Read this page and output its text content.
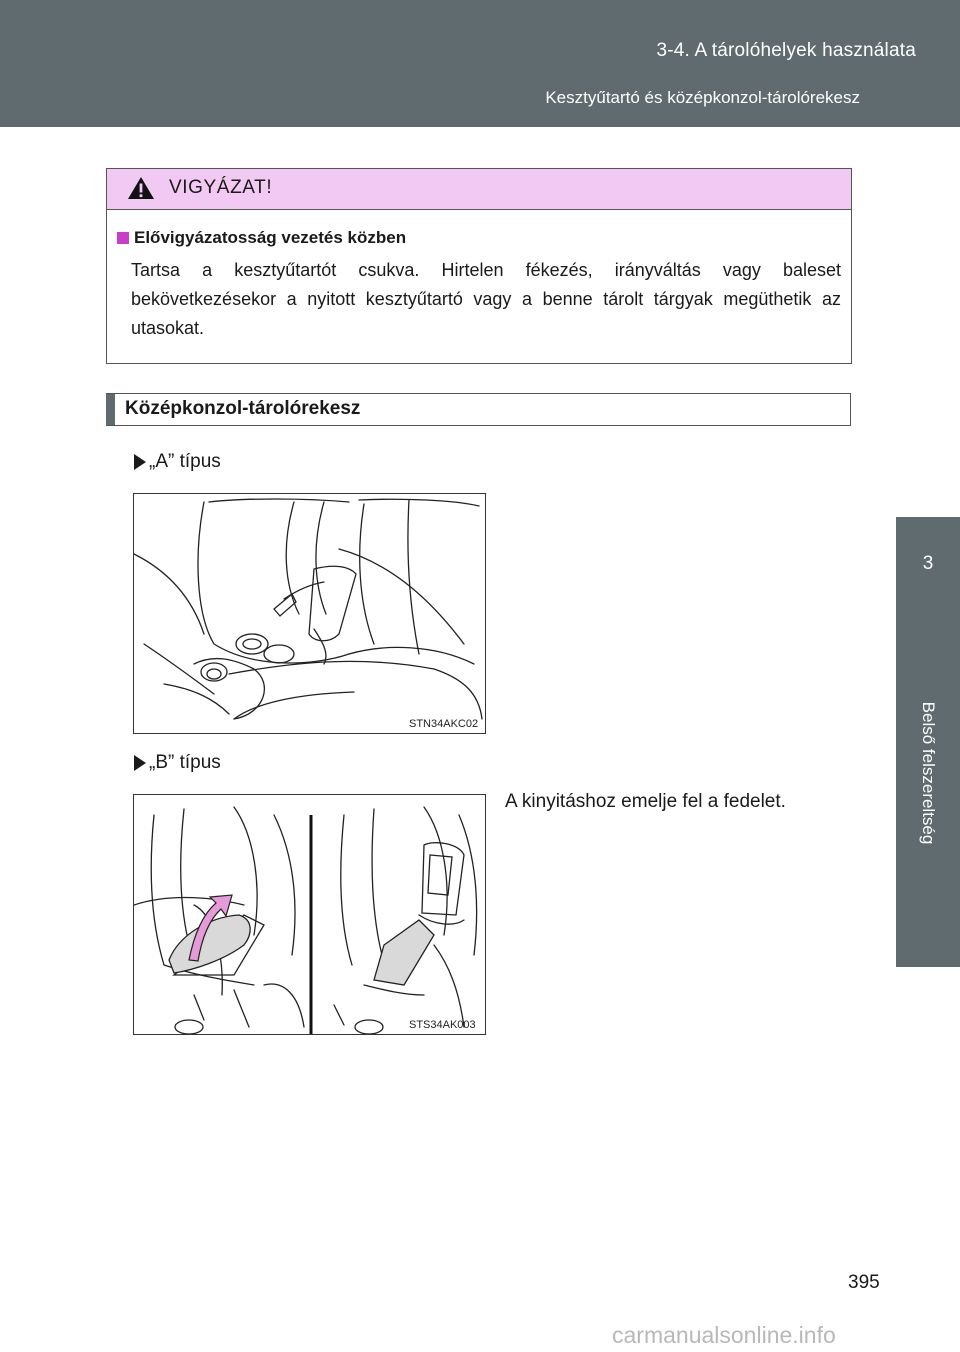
3-4. A tárolóhelyek használata
Kesztyűtartó és középkonzol-tárolórekesz
3
Belső felszereltség
VIGYÁZAT!
Elővigyázatosság vezetés közben
Tartsa a kesztyűtartót csukva. Hirtelen fékezés, irányváltás vagy baleset bekövetkezésekor a nyitott kesztyűtartó vagy a benne tárolt tárgyak megüthetik az utasokat.
Középkonzol-tárolórekesz
„A” típus
STN34AKC02
„B” típus
A kinyitáshoz emelje fel a fedelet.
STS34AK003
395
carmanualsonline.info
